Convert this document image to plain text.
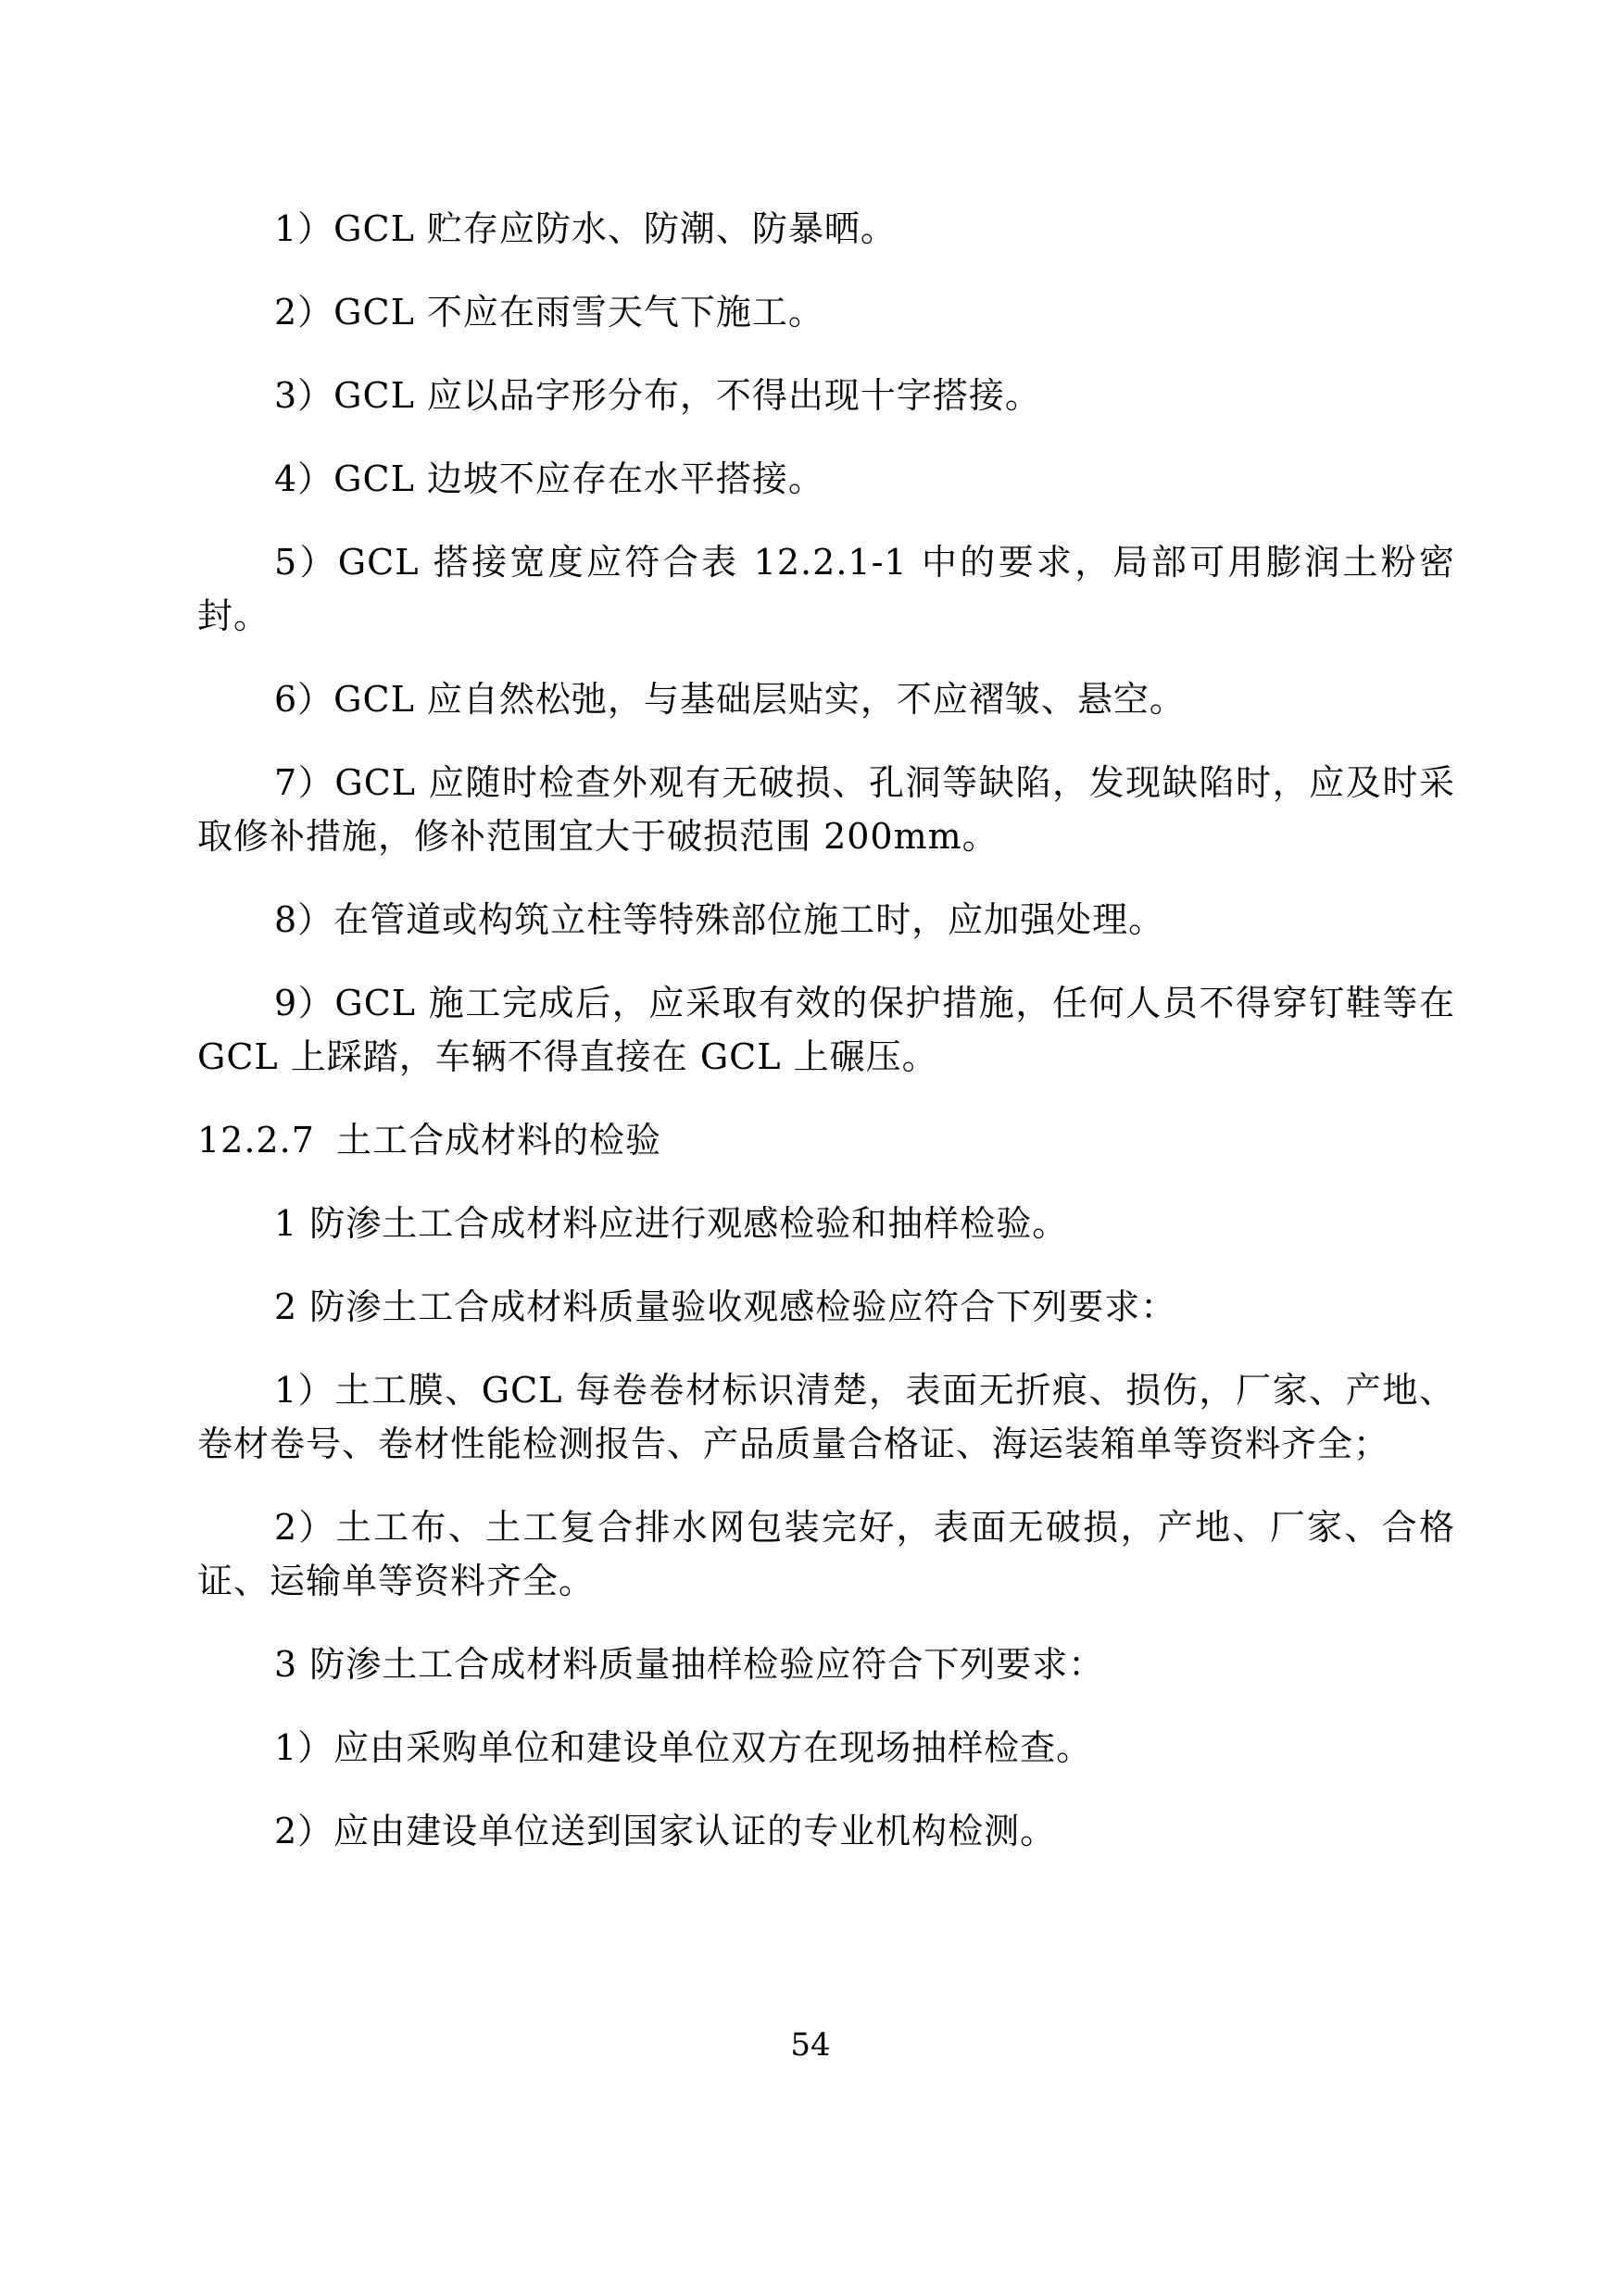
1）GCL 贮存应防水、防潮、防暴晒。

2）GCL 不应在雨雪天气下施工。

3）GCL 应以品字形分布，不得出现十字搭接。

4）GCL 边坡不应存在水平搭接。

5）GCL 搭接宽度应符合表 12.2.1-1 中的要求，局部可用膨润土粉密封。

6）GCL 应自然松弛，与基础层贴实，不应褶皱、悬空。

7）GCL 应随时检查外观有无破损、孔洞等缺陷，发现缺陷时，应及时采取修补措施，修补范围宜大于破损范围 200mm。

8）在管道或构筑立柱等特殊部位施工时，应加强处理。

9）GCL 施工完成后，应采取有效的保护措施，任何人员不得穿钉鞋等在 GCL 上踩踏，车辆不得直接在 GCL 上碾压。

12.2.7 土工合成材料的检验

1 防渗土工合成材料应进行观感检验和抽样检验。

2 防渗土工合成材料质量验收观感检验应符合下列要求：

1）土工膜、GCL 每卷卷材标识清楚，表面无折痕、损伤，厂家、产地、卷材卷号、卷材性能检测报告、产品质量合格证、海运装箱单等资料齐全；

2）土工布、土工复合排水网包装完好，表面无破损，产地、厂家、合格证、运输单等资料齐全。

3 防渗土工合成材料质量抽样检验应符合下列要求：

1）应由采购单位和建设单位双方在现场抽样检查。

2）应由建设单位送到国家认证的专业机构检测。

54
